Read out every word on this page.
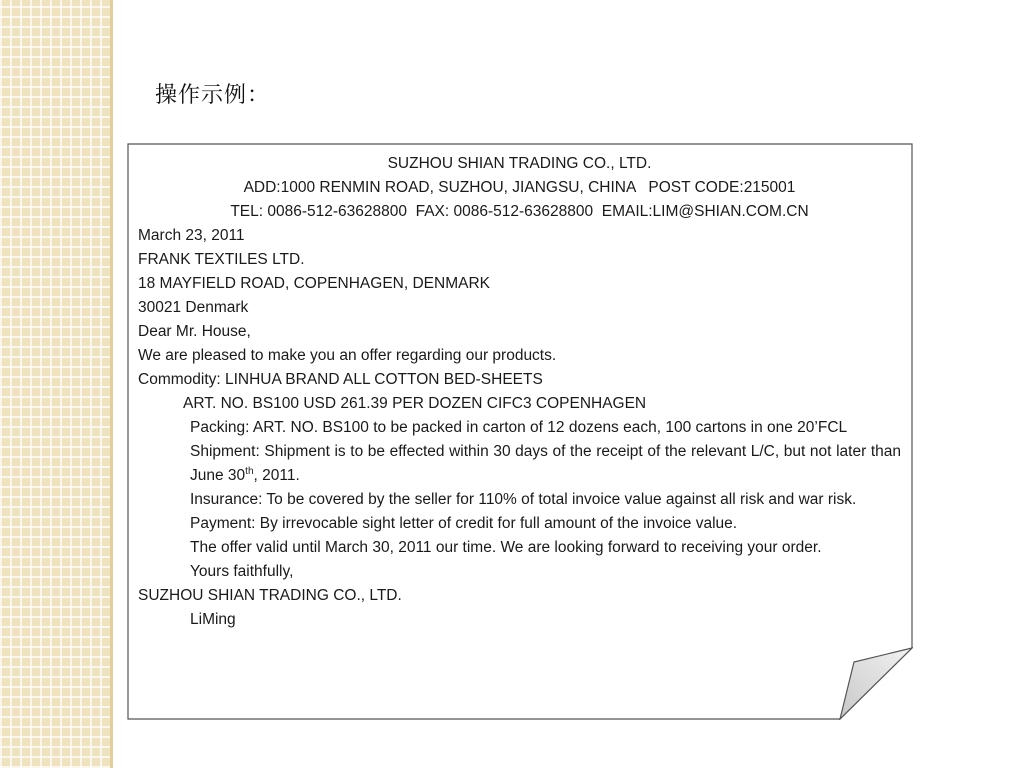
操作示例：
SUZHOU SHIAN TRADING CO., LTD.
ADD:1000 RENMIN ROAD, SUZHOU, JIANGSU, CHINA   POST CODE:215001
TEL: 0086-512-63628800  FAX: 0086-512-63628800  EMAIL:LIM@SHIAN.COM.CN
March 23, 2011
FRANK TEXTILES LTD.
18 MAYFIELD ROAD, COPENHAGEN, DENMARK
30021 Denmark
Dear Mr. House,
We are pleased to make you an offer regarding our products.
Commodity: LINHUA BRAND ALL COTTON BED-SHEETS
ART. NO. BS100 USD 261.39 PER DOZEN CIFC3 COPENHAGEN
Packing: ART. NO. BS100 to be packed in carton of 12 dozens each, 100 cartons in one 20’FCL
Shipment: Shipment is to be effected within 30 days of the receipt of the relevant L/C, but not later than June 30th, 2011.
Insurance: To be covered by the seller for 110% of total invoice value against all risk and war risk.
Payment: By irrevocable sight letter of credit for full amount of the invoice value.
The offer valid until March 30, 2011 our time. We are looking forward to receiving your order.
Yours faithfully,
SUZHOU SHIAN TRADING CO., LTD.
LiMing
